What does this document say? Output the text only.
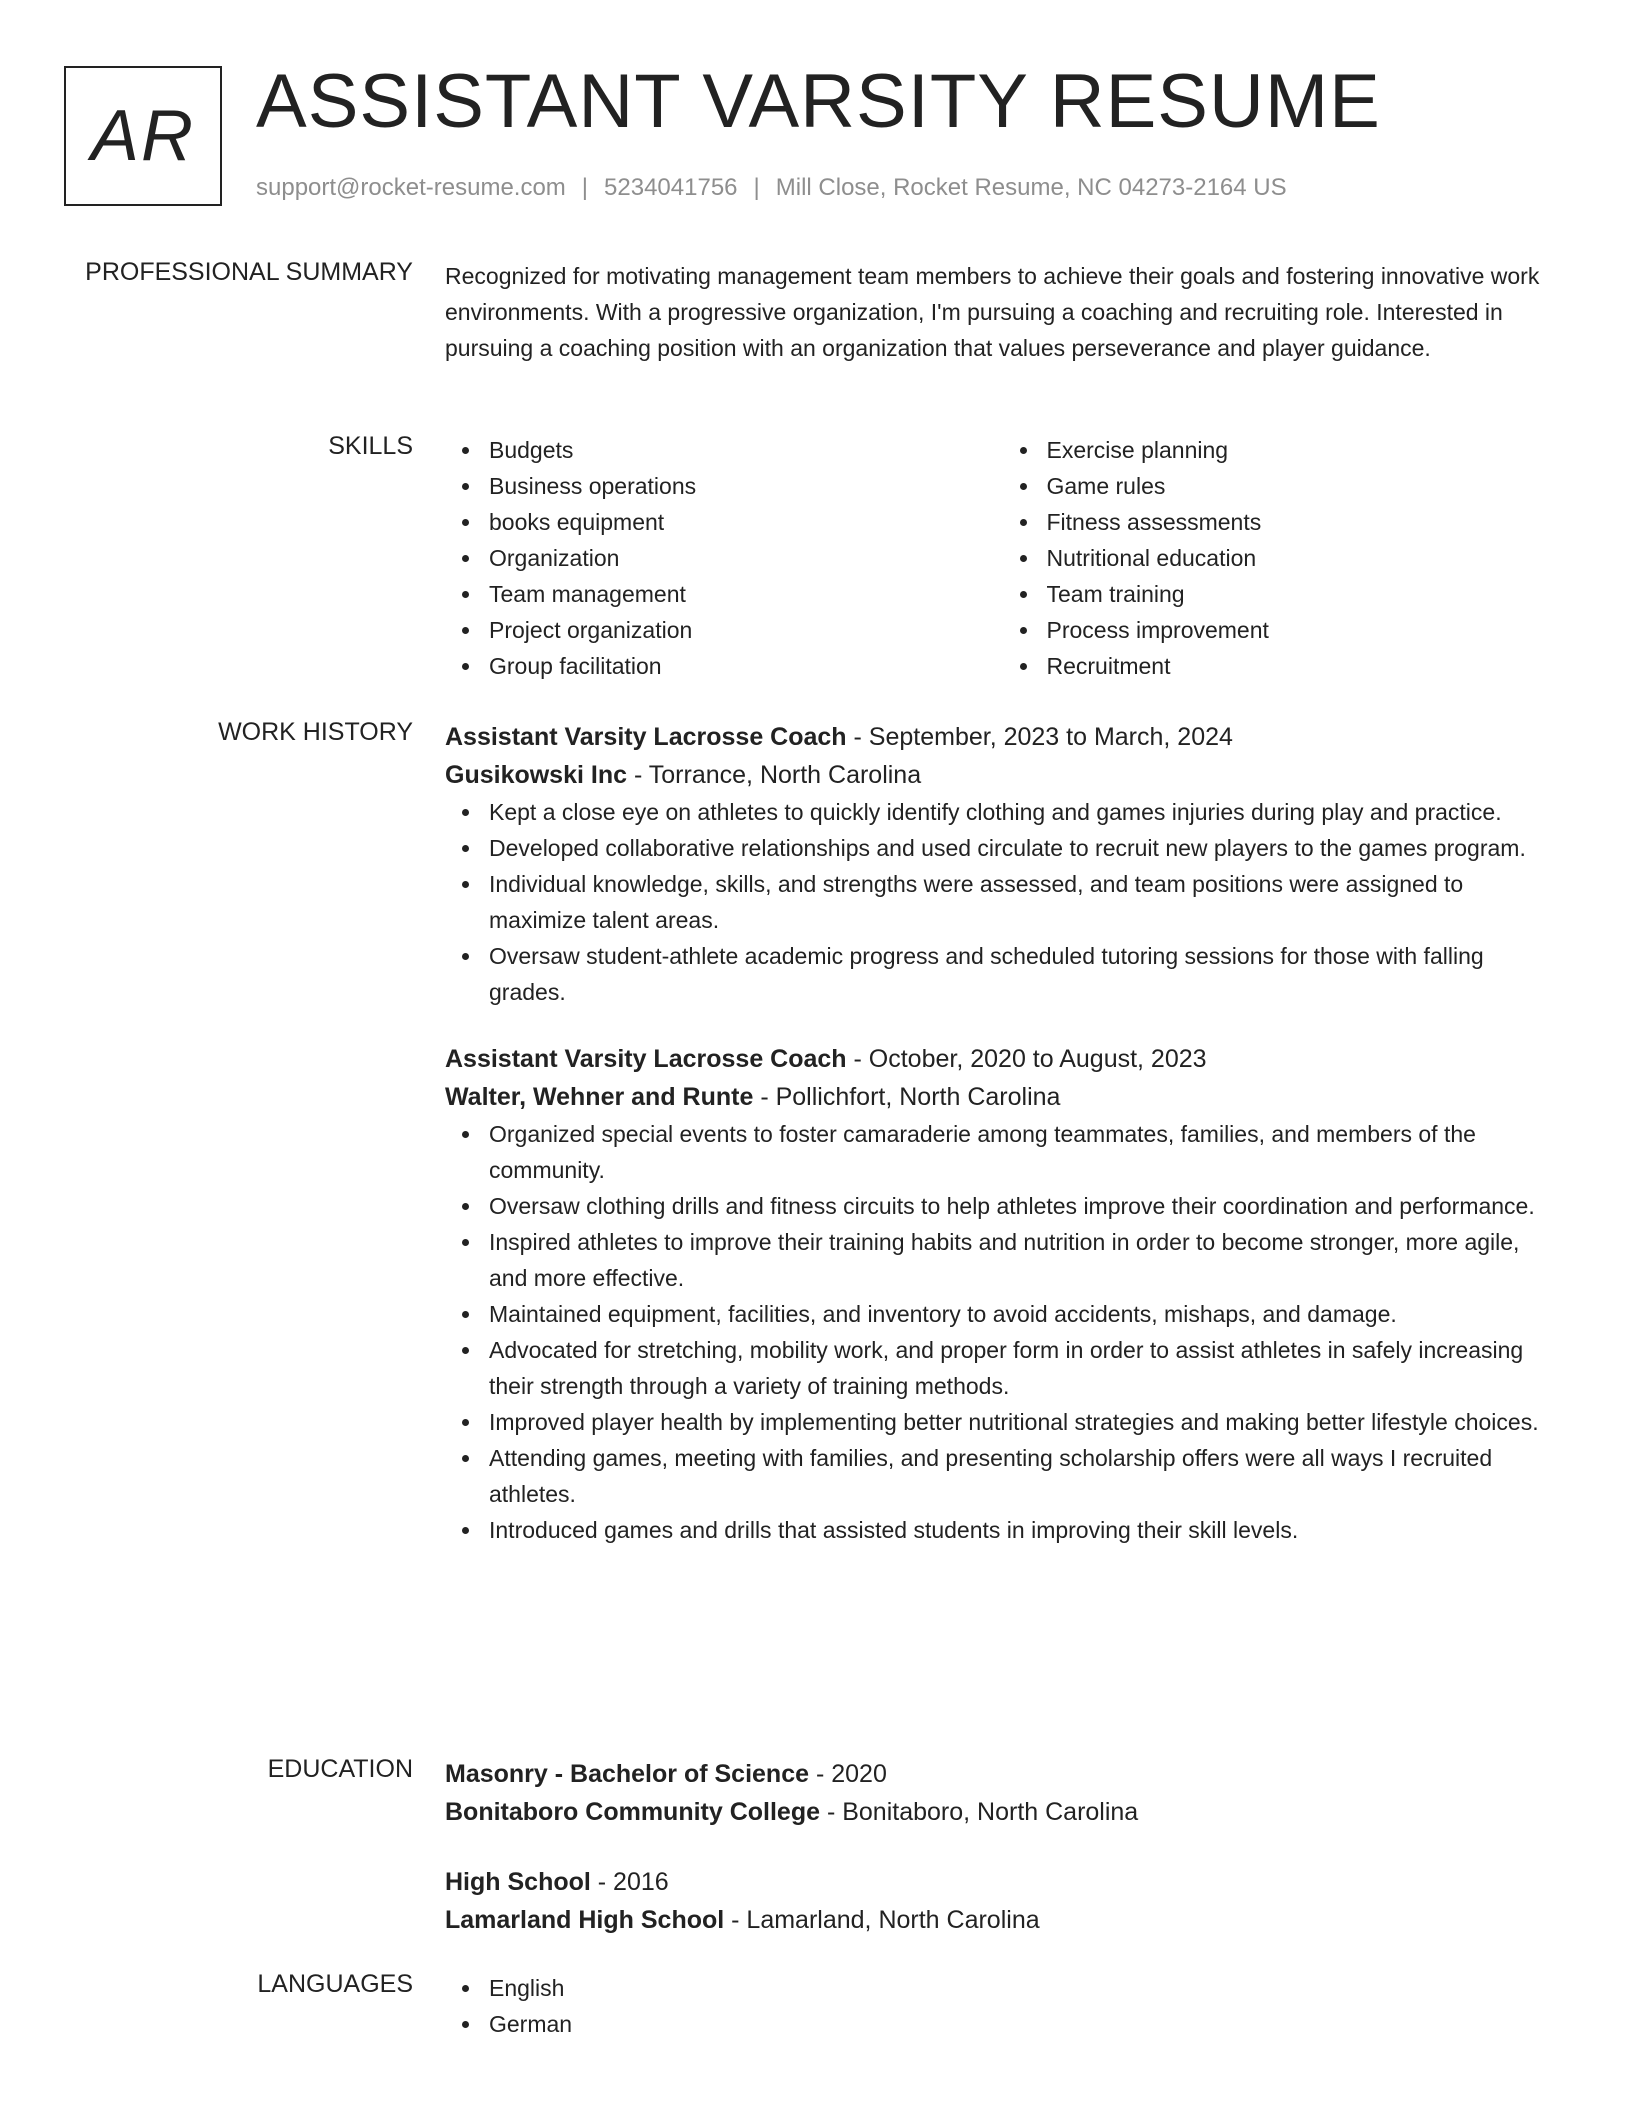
AR ASSISTANT VARSITY RESUME
support@rocket-resume.com | 5234041756 | Mill Close, Rocket Resume, NC 04273-2164 US
PROFESSIONAL SUMMARY Recognized for motivating management team members to achieve their goals and fostering innovative work environments. With a progressive organization, I'm pursuing a coaching and recruiting role. Interested in pursuing a coaching position with an organization that values perseverance and player guidance.
SKILLS	Budgets
Business operations
books equipment
Organization
Team management
Project organization
Group facilitation
Exercise planning
Game rules
Fitness assessments
Nutritional education
Team training
Process improvement
Recruitment
WORK HISTORY Assistant Varsity Lacrosse Coach - September, 2023 to March, 2024
Gusikowski Inc - Torrance, North Carolina
Kept a close eye on athletes to quickly identify clothing and games injuries during play and practice.
Developed collaborative relationships and used circulate to recruit new players to the games program.
Individual knowledge, skills, and strengths were assessed, and team positions were assigned to maximize talent areas.
Oversaw student-athlete academic progress and scheduled tutoring sessions for those with falling grades.
Assistant Varsity Lacrosse Coach - October, 2020 to August, 2023
Walter, Wehner and Runte - Pollichfort, North Carolina
Organized special events to foster camaraderie among teammates, families, and members of the community.
Oversaw clothing drills and fitness circuits to help athletes improve their coordination and performance.
Inspired athletes to improve their training habits and nutrition in order to become stronger, more agile, and more effective.
Maintained equipment, facilities, and inventory to avoid accidents, mishaps, and damage.
Advocated for stretching, mobility work, and proper form in order to assist athletes in safely increasing their strength through a variety of training methods.
Improved player health by implementing better nutritional strategies and making better lifestyle choices.
Attending games, meeting with families, and presenting scholarship offers were all ways I recruited athletes.
Introduced games and drills that assisted students in improving their skill levels.
EDUCATION Masonry - Bachelor of Science - 2020
Bonitaboro Community College - Bonitaboro, North Carolina
High School - 2016
Lamarland High School - Lamarland, North Carolina
LANGUAGES	English
German
